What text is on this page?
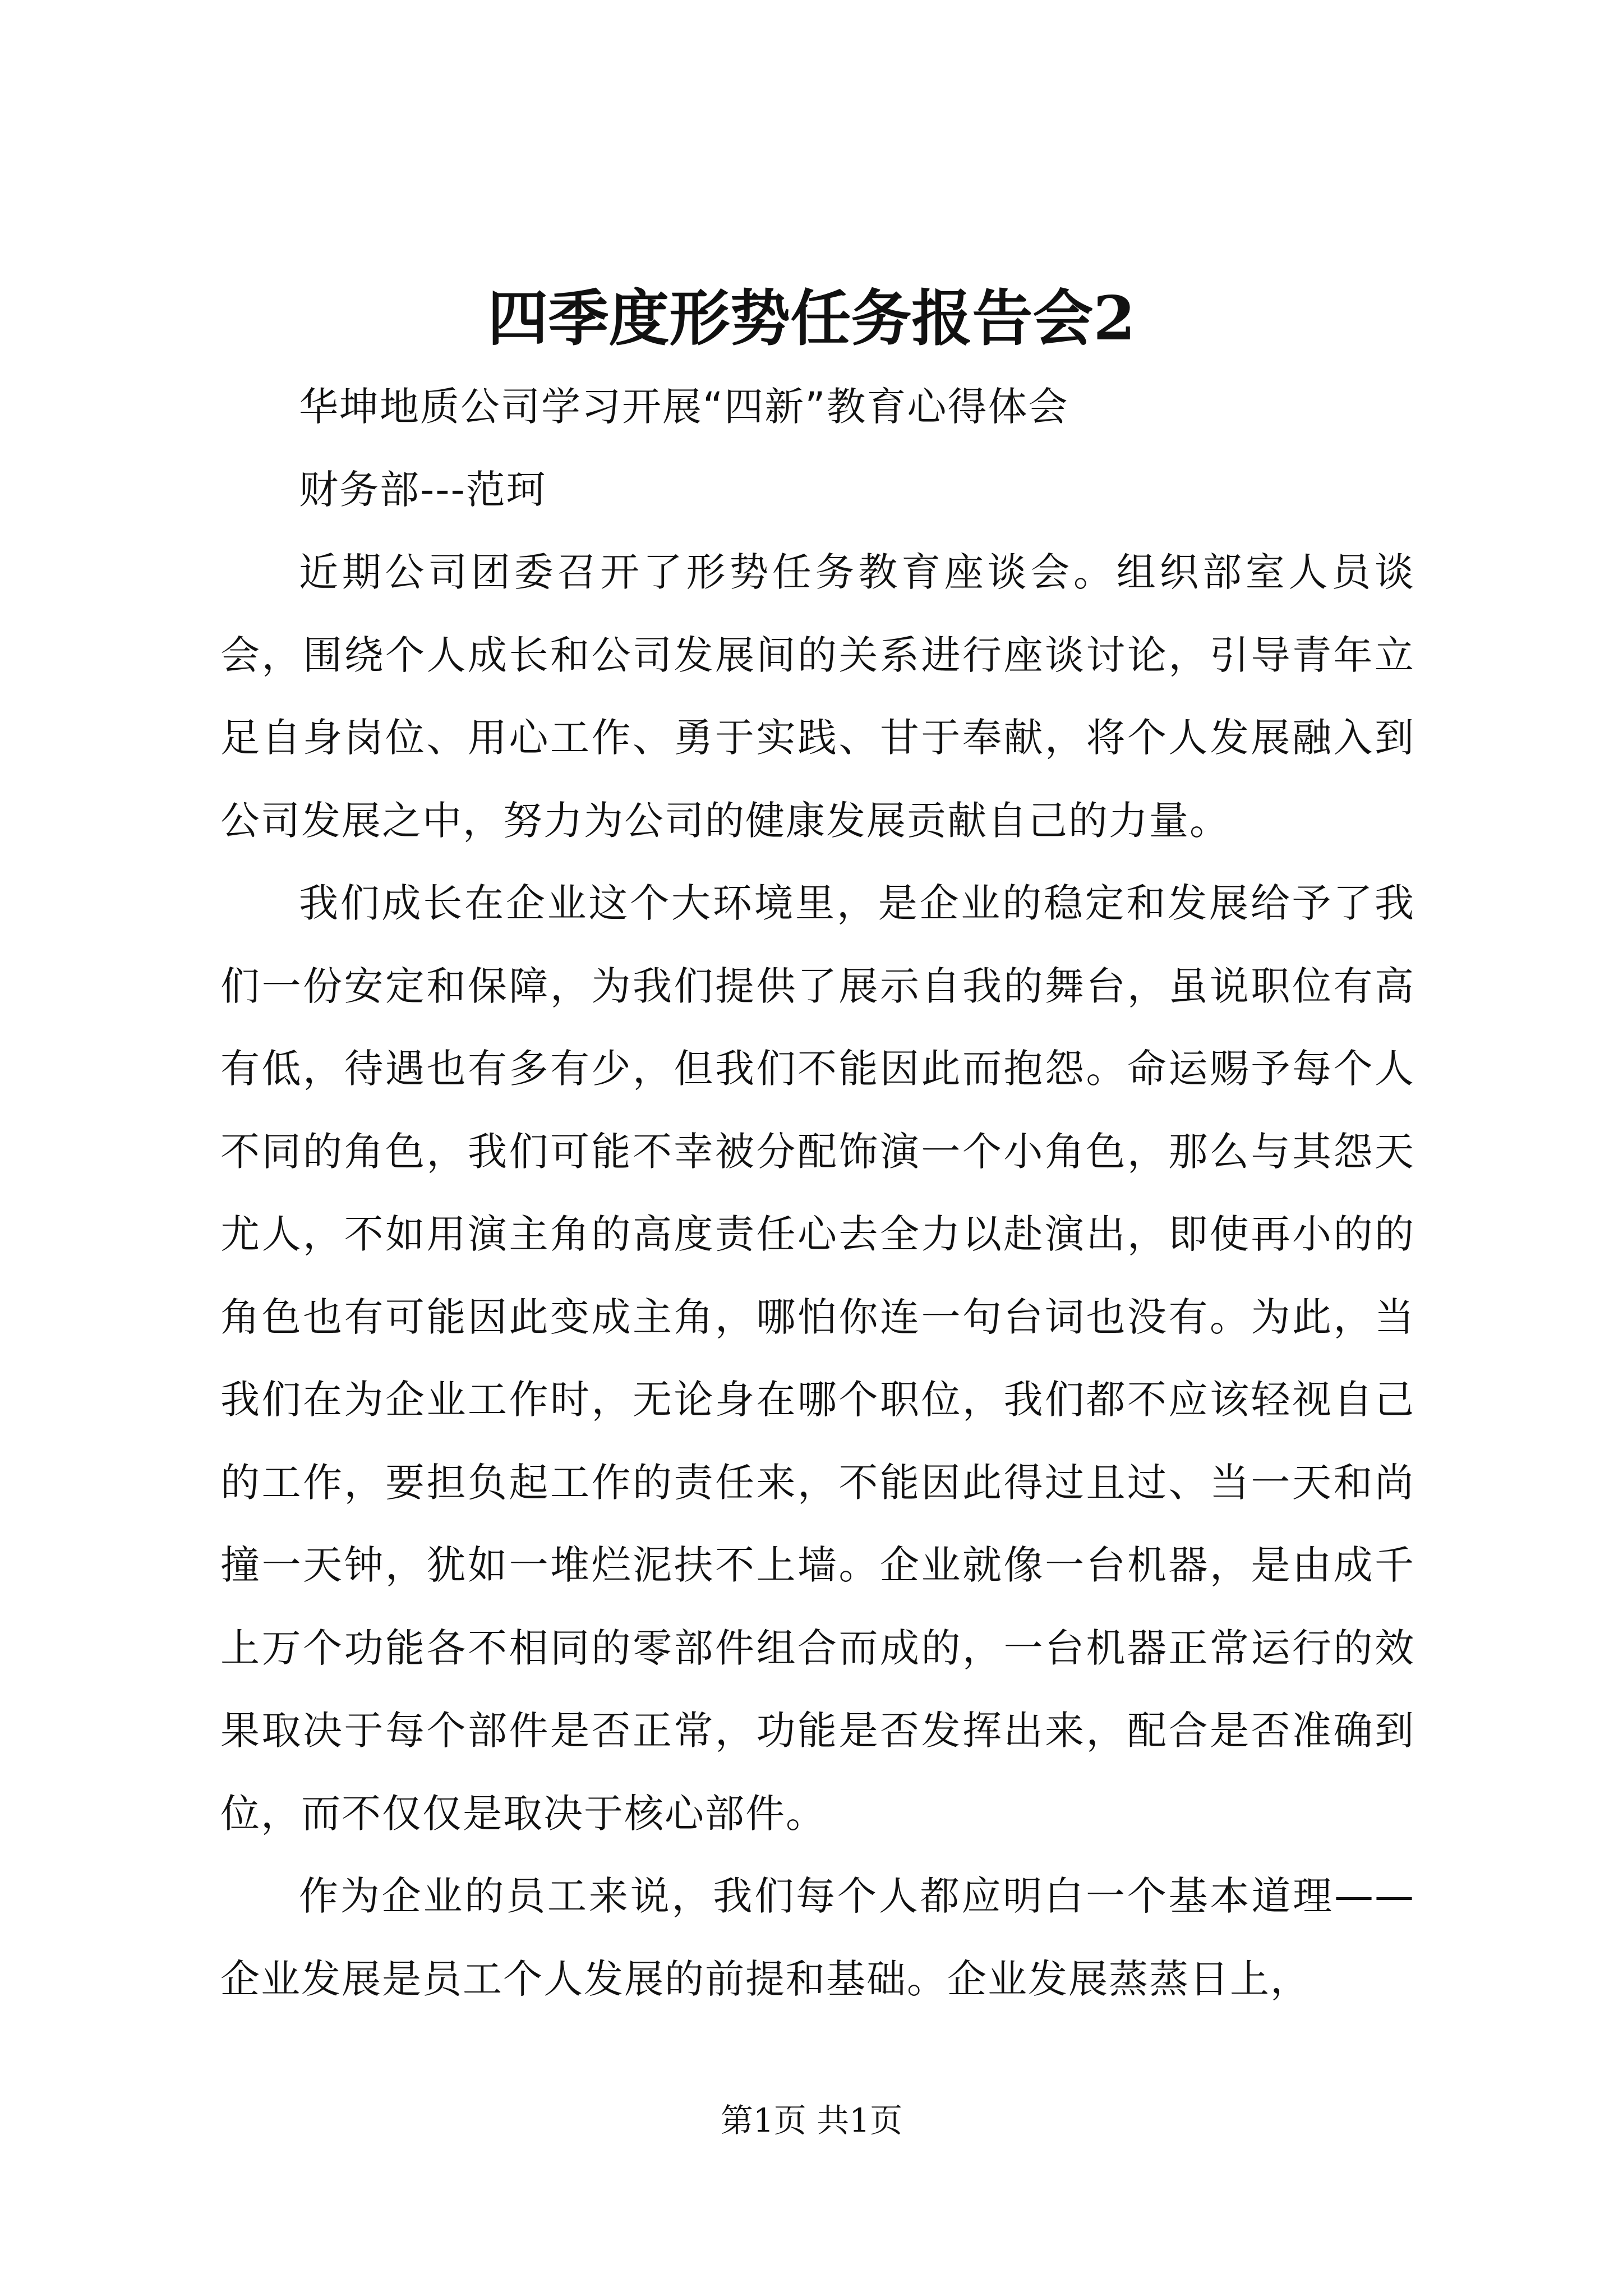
四季度形势任务报告会2

华坤地质公司学习开展“四新”教育心得体会

财务部---范珂

近期公司团委召开了形势任务教育座谈会。组织部室人员谈会，围绕个人成长和公司发展间的关系进行座谈讨论，引导青年立足自身岗位、用心工作、勇于实践、甘于奉献，将个人发展融入到公司发展之中，努力为公司的健康发展贡献自己的力量。

我们成长在企业这个大环境里，是企业的稳定和发展给予了我们一份安定和保障，为我们提供了展示自我的舞台，虽说职位有高有低，待遇也有多有少，但我们不能因此而抱怨。命运赐予每个人不同的角色，我们可能不幸被分配饰演一个小角色，那么与其怨天尤人，不如用演主角的高度责任心去全力以赴演出，即使再小的的角色也有可能因此变成主角，哪怕你连一句台词也没有。为此，当我们在为企业工作时，无论身在哪个职位，我们都不应该轻视自己的工作，要担负起工作的责任来，不能因此得过且过、当一天和尚撞一天钟，犹如一堆烂泥扶不上墙。企业就像一台机器，是由成千上万个功能各不相同的零部件组合而成的，一台机器正常运行的效果取决于每个部件是否正常，功能是否发挥出来，配合是否准确到位，而不仅仅是取决于核心部件。

作为企业的员工来说，我们每个人都应明白一个基本道理——企业发展是员工个人发展的前提和基础。企业发展蒸蒸日上，

第1页 共1页
